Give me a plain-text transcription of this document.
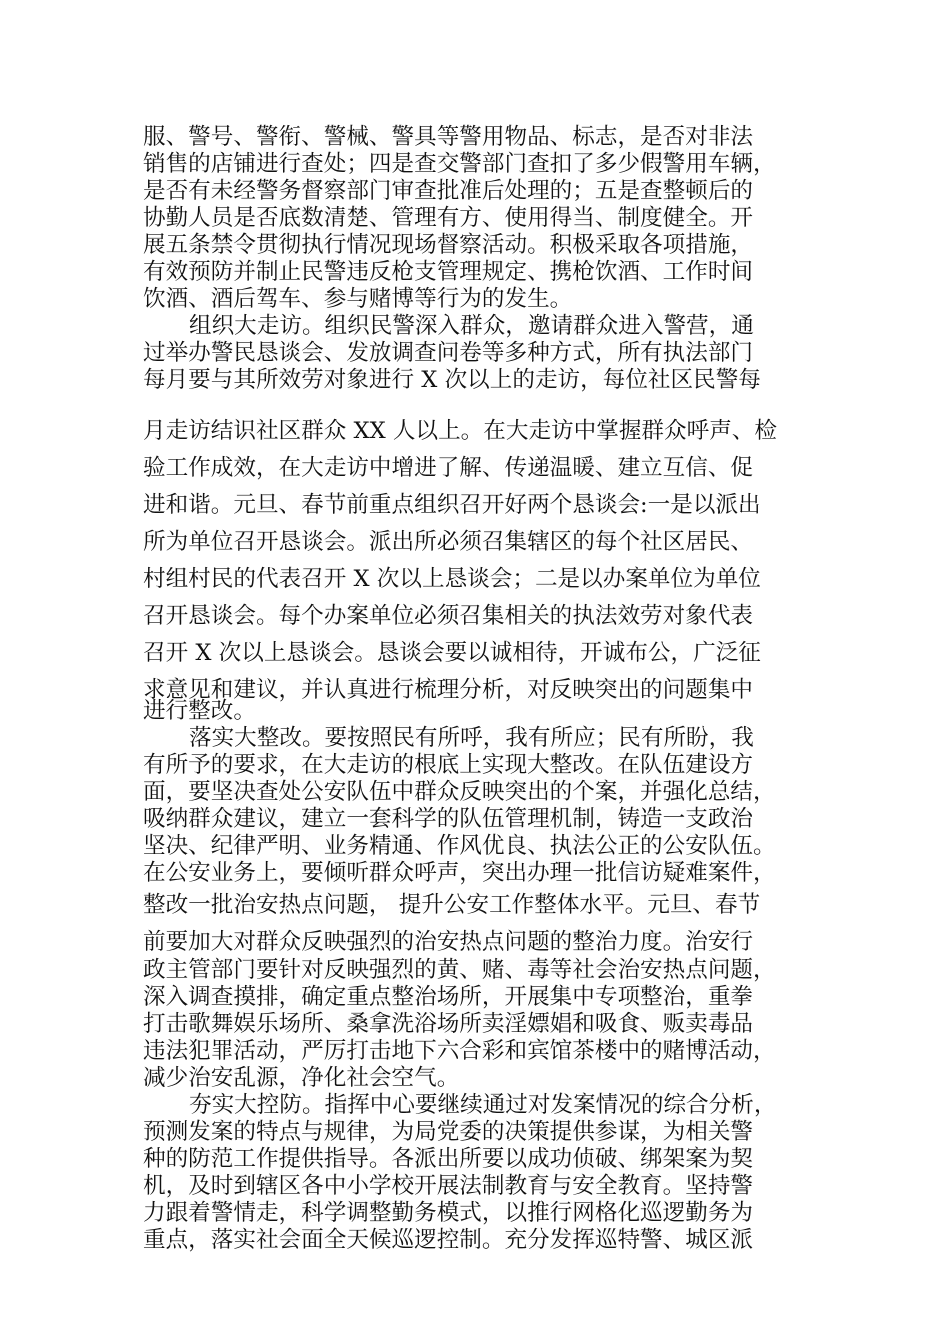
服、警号、警衔、警械、警具等警用物品、标志，是否对非法
销售的店铺进行查处；四是查交警部门查扣了多少假警用车辆，
是否有未经警务督察部门审查批准后处理的；五是查整顿后的
协勤人员是否底数清楚、管理有方、使用得当、制度健全。开
展五条禁令贯彻执行情况现场督察活动。积极采取各项措施，
有效预防并制止民警违反枪支管理规定、携枪饮酒、工作时间
饮酒、酒后驾车、参与赌博等行为的发生。
组织大走访。组织民警深入群众，邀请群众进入警营，通
过举办警民恳谈会、发放调查问卷等多种方式，所有执法部门
每月要与其所效劳对象进行 X 次以上的走访，每位社区民警每
月走访结识社区群众 XX 人以上。在大走访中掌握群众呼声、检
验工作成效，在大走访中增进了解、传递温暖、建立互信、促
进和谐。元旦、春节前重点组织召开好两个恳谈会:一是以派出
所为单位召开恳谈会。派出所必须召集辖区的每个社区居民、
村组村民的代表召开 X 次以上恳谈会；二是以办案单位为单位
召开恳谈会。每个办案单位必须召集相关的执法效劳对象代表
召开 X 次以上恳谈会。恳谈会要以诚相待，开诚布公，广泛征
求意见和建议，并认真进行梳理分析，对反映突出的问题集中
进行整改。
落实大整改。要按照民有所呼，我有所应；民有所盼，我
有所予的要求，在大走访的根底上实现大整改。在队伍建设方
面，要坚决查处公安队伍中群众反映突出的个案，并强化总结，
吸纳群众建议，建立一套科学的队伍管理机制，铸造一支政治
坚决、纪律严明、业务精通、作风优良、执法公正的公安队伍。
在公安业务上，要倾听群众呼声，突出办理一批信访疑难案件，
整改一批治安热点问题， 提升公安工作整体水平。元旦、春节
前要加大对群众反映强烈的治安热点问题的整治力度。治安行
政主管部门要针对反映强烈的黄、赌、毒等社会治安热点问题，
深入调查摸排，确定重点整治场所，开展集中专项整治，重拳
打击歌舞娱乐场所、桑拿洗浴场所卖淫嫖娼和吸食、贩卖毒品
违法犯罪活动，严厉打击地下六合彩和宾馆茶楼中的赌博活动，
减少治安乱源，净化社会空气。
夯实大控防。指挥中心要继续通过对发案情况的综合分析，
预测发案的特点与规律，为局党委的决策提供参谋，为相关警
种的防范工作提供指导。各派出所要以成功侦破、绑架案为契
机，及时到辖区各中小学校开展法制教育与安全教育。坚持警
力跟着警情走，科学调整勤务模式，以推行网格化巡逻勤务为
重点，落实社会面全天候巡逻控制。充分发挥巡特警、城区派
